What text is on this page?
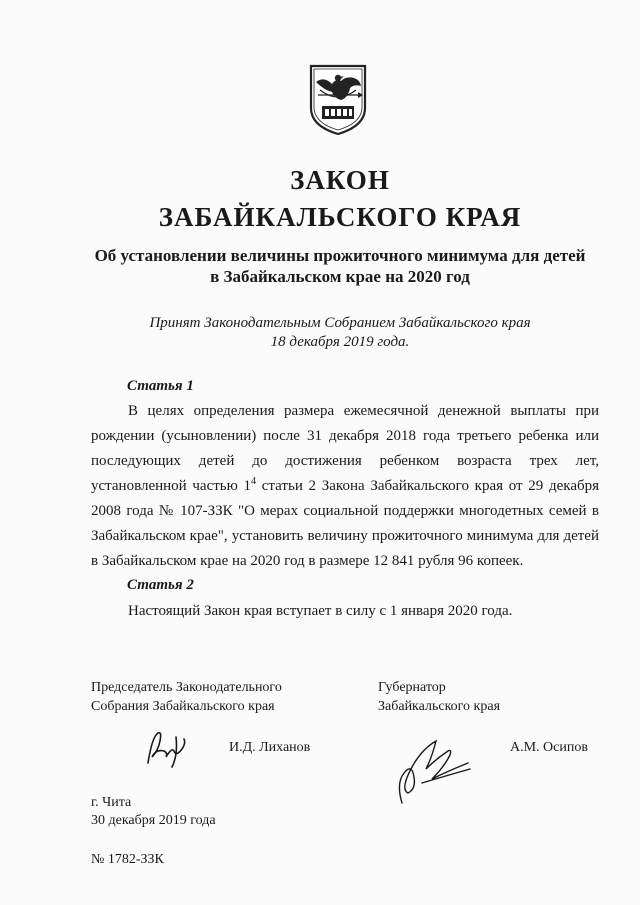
ЗАКОН
ЗАБАЙКАЛЬСКОГО КРАЯ
Об установлении величины прожиточного минимума для детей
в Забайкальском крае на 2020 год
Принят Законодательным Собранием Забайкальского края
18 декабря 2019 года.
Статья 1
В целях определения размера ежемесячной денежной выплаты при рождении (усыновлении) после 31 декабря 2018 года третьего ребенка или последующих детей до достижения ребенком возраста трех лет, установленной частью $1^4$ статьи 2 Закона Забайкальского края от 29 декабря 2008 года № 107-ЗЗК "О мерах социальной поддержки многодетных семей в Забайкальском крае", установить величину прожиточного минимума для детей в Забайкальском крае на 2020 год в размере 12 841 рубля 96 копеек.
Статья 2
Настоящий Закон края вступает в силу с 1 января 2020 года.
Председатель Законодательного
Собрания Забайкальского края
Губернатор
Забайкальского края
И.Д. Лиханов	А.М. Осипов
г. Чита
30 декабря 2019 года
№ 1782-ЗЗК
